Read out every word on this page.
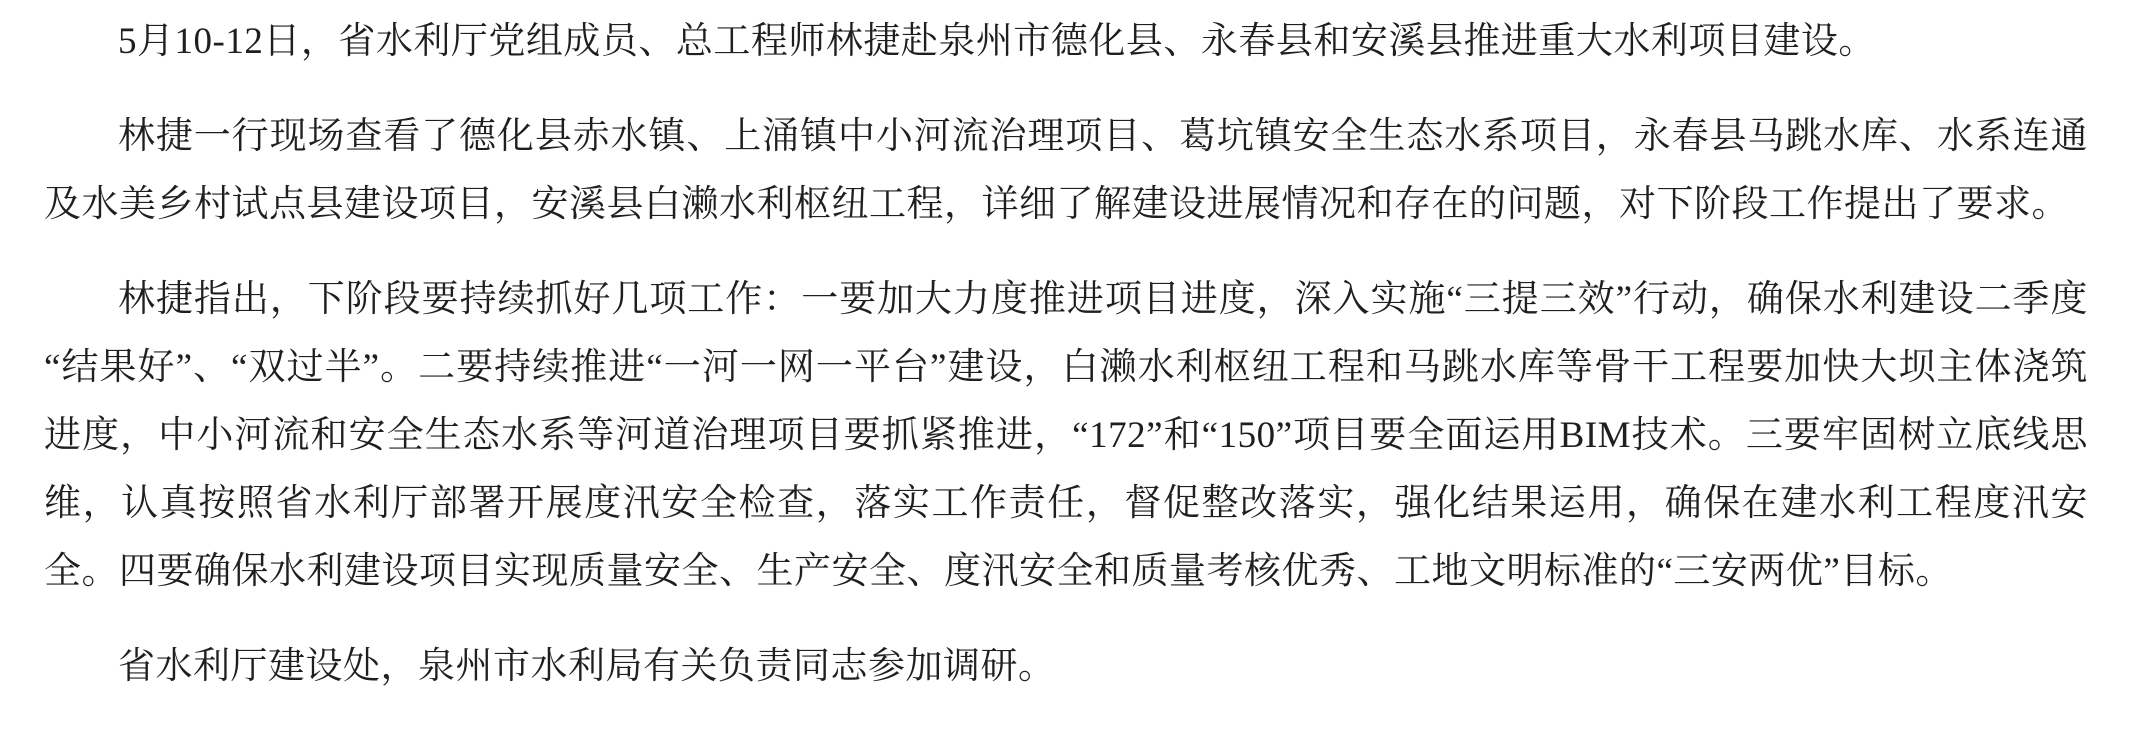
5月10-12日，省水利厅党组成员、总工程师林捷赴泉州市德化县、永春县和安溪县推进重大水利项目建设。

林捷一行现场查看了德化县赤水镇、上涌镇中小河流治理项目、葛坑镇安全生态水系项目，永春县马跳水库、水系连通及水美乡村试点县建设项目，安溪县白濑水利枢纽工程，详细了解建设进展情况和存在的问题，对下阶段工作提出了要求。

林捷指出，下阶段要持续抓好几项工作：一要加大力度推进项目进度，深入实施“三提三效”行动，确保水利建设二季度“结果好”、“双过半”。二要持续推进“一河一网一平台”建设，白濑水利枢纽工程和马跳水库等骨干工程要加快大坝主体浇筑进度，中小河流和安全生态水系等河道治理项目要抓紧推进，“172”和“150”项目要全面运用BIM技术。三要牢固树立底线思维，认真按照省水利厅部署开展度汛安全检查，落实工作责任，督促整改落实，强化结果运用，确保在建水利工程度汛安全。四要确保水利建设项目实现质量安全、生产安全、度汛安全和质量考核优秀、工地文明标准的“三安两优”目标。

省水利厅建设处，泉州市水利局有关负责同志参加调研。
